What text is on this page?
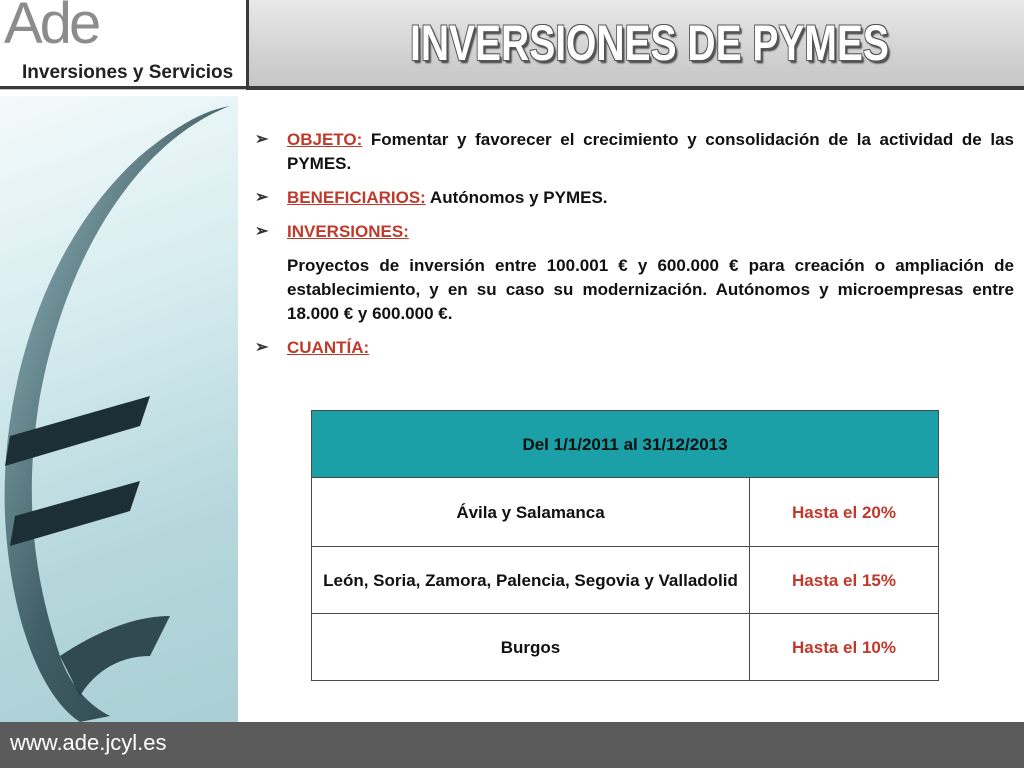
Ade
Inversiones y Servicios
INVERSIONES DE PYMES
➢ OBJETO: Fomentar y favorecer el crecimiento y consolidación de la actividad de las PYMES.
➢ BENEFICIARIOS: Autónomos y PYMES.
➢ INVERSIONES:
Proyectos de inversión entre 100.001 € y 600.000 € para creación o ampliación de establecimiento, y en su caso su modernización. Autónomos y microempresas entre 18.000 € y 600.000 €.
➢ CUANTÍA:
Del 1/1/2011 al 31/12/2013	
Ávila y Salamanca	Hasta el 20%
León, Soria, Zamora, Palencia, Segovia y Valladolid	Hasta el 15%
Burgos	Hasta el 10%
www.ade.jcyl.es
